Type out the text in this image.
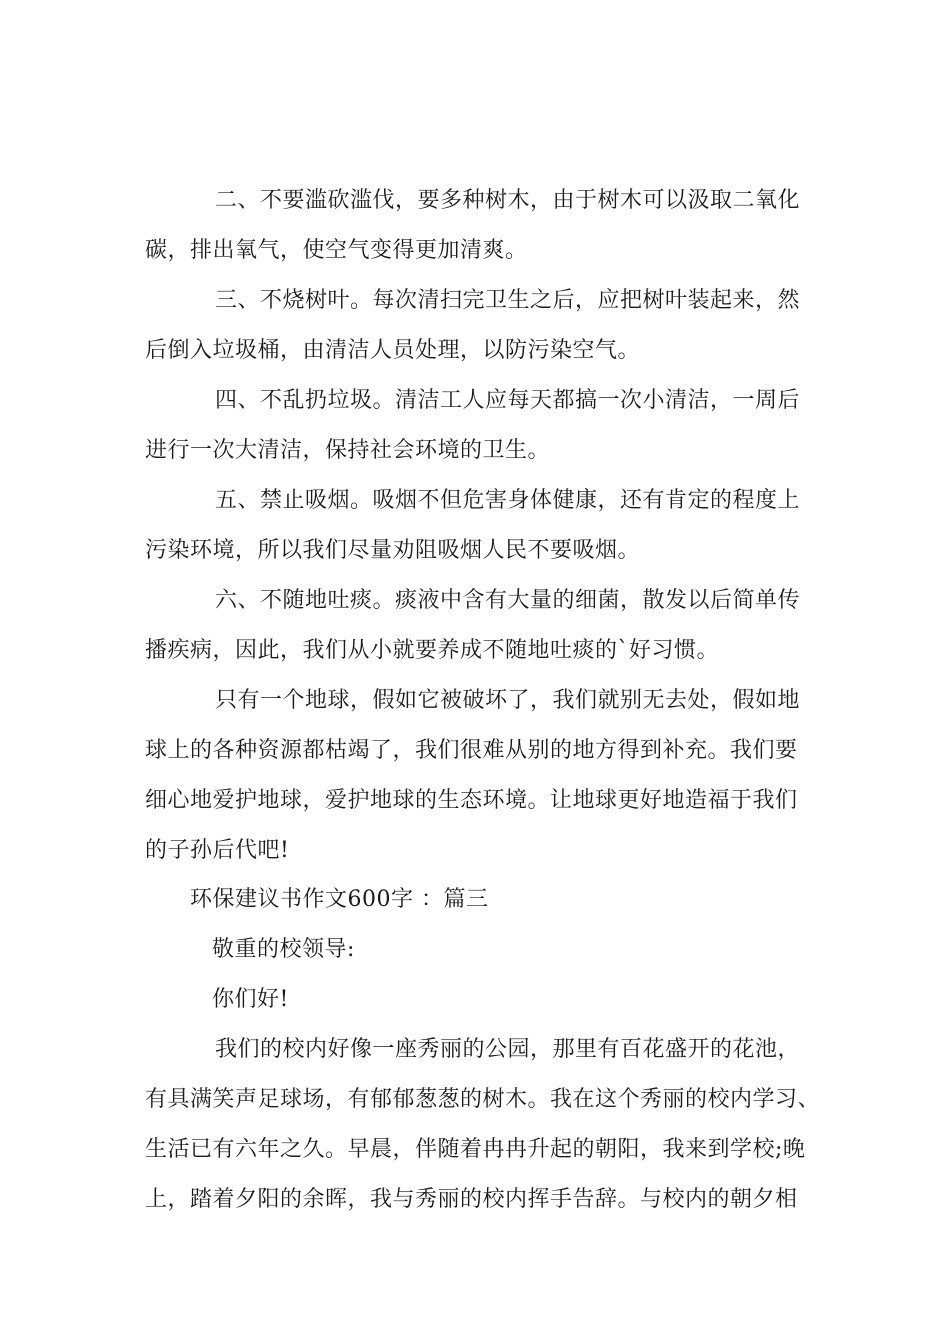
二、不要滥砍滥伐，要多种树木，由于树木可以汲取二氧化
碳，排出氧气，使空气变得更加清爽。
三、不烧树叶。每次清扫完卫生之后，应把树叶装起来，然
后倒入垃圾桶，由清洁人员处理，以防污染空气。
四、不乱扔垃圾。清洁工人应每天都搞一次小清洁，一周后
进行一次大清洁，保持社会环境的卫生。
五、禁止吸烟。吸烟不但危害身体健康，还有肯定的程度上
污染环境，所以我们尽量劝阻吸烟人民不要吸烟。
六、不随地吐痰。痰液中含有大量的细菌，散发以后简单传
播疾病，因此，我们从小就要养成不随地吐痰的`好习惯。
只有一个地球，假如它被破坏了，我们就别无去处，假如地
球上的各种资源都枯竭了，我们很难从别的地方得到补充。我们要
细心地爱护地球，爱护地球的生态环境。让地球更好地造福于我们
的子孙后代吧!
环保建议书作文600字 ：篇三
敬重的校领导:
你们好!
我们的校内好像一座秀丽的公园，那里有百花盛开的花池，
有具满笑声足球场，有郁郁葱葱的树木。我在这个秀丽的校内学习、
生活已有六年之久。早晨，伴随着冉冉升起的朝阳，我来到学校;晚
上，踏着夕阳的余晖，我与秀丽的校内挥手告辞。与校内的朝夕相
